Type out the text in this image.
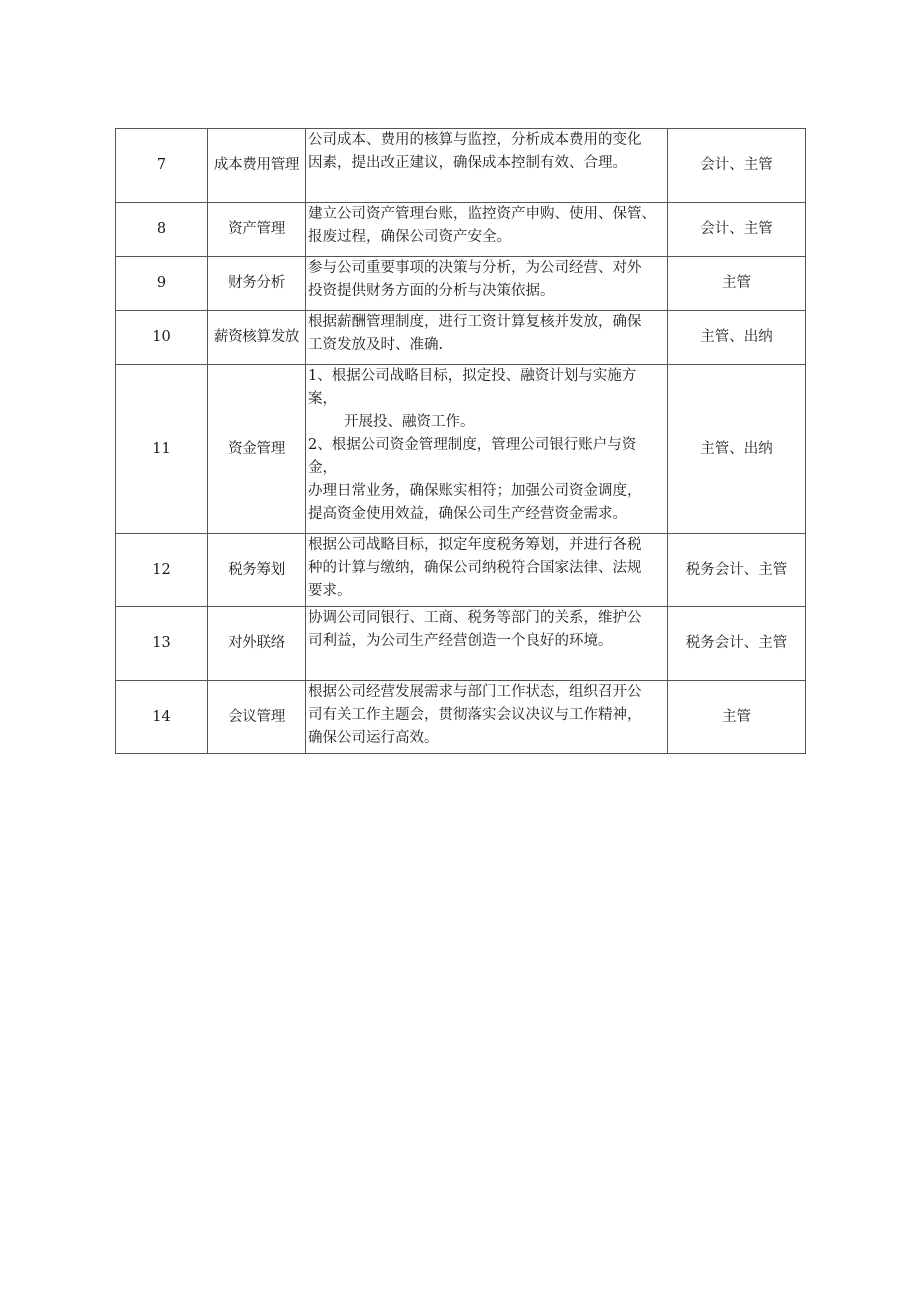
7	成本费用管理	公司成本、费用的核算与监控，分析成本费用的变化
因素，提出改正建议，确保成本控制有效、合理。	会计、主管
8	资产管理	建立公司资产管理台账，监控资产申购、使用、保管、
报废过程，确保公司资产安全。	会计、主管
9	财务分析	参与公司重要事项的决策与分析，为公司经营、对外
投资提供财务方面的分析与决策依据。	主管
10	薪资核算发放	根据薪酬管理制度，进行工资计算复核并发放，确保
工资发放及时、准确.	主管、出纳
11	资金管理	1、根据公司战略目标，拟定投、融资计划与实施方案，
开展投、融资工作。
2、根据公司资金管理制度，管理公司银行账户与资金，
办理日常业务，确保账实相符；加强公司资金调度，
提高资金使用效益，确保公司生产经营资金需求。	主管、出纳
12	税务筹划	根据公司战略目标，拟定年度税务筹划，并进行各税
种的计算与缴纳，确保公司纳税符合国家法律、法规
要求。	税务会计、主管
13	对外联络	协调公司同银行、工商、税务等部门的关系，维护公
司利益，为公司生产经营创造一个良好的环境。	税务会计、主管
14	会议管理	根据公司经营发展需求与部门工作状态，组织召开公
司有关工作主题会，贯彻落实会议决议与工作精神，
确保公司运行高效。	主管
